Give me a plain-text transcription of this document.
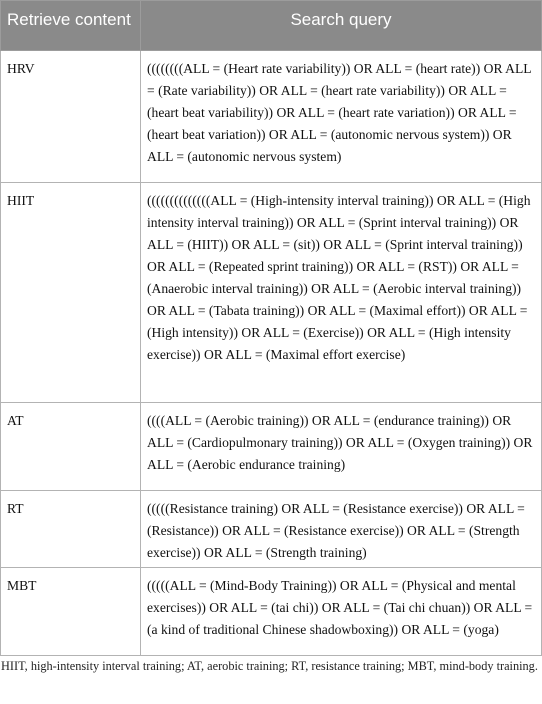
Retrieve content	Search query
HRV	((((((((ALL = (Heart rate variability)) OR ALL = (heart rate)) OR ALL = (Rate variability)) OR ALL = (heart rate variability)) OR ALL = (heart beat variability)) OR ALL = (heart rate variation)) OR ALL = (heart beat variation)) OR ALL = (autonomic nervous system)) OR ALL = (autonomic nervous system)
HIIT	((((((((((((((ALL = (High-intensity interval training)) OR ALL = (High intensity interval training)) OR ALL = (Sprint interval training)) OR ALL = (HIIT)) OR ALL = (sit)) OR ALL = (Sprint interval training)) OR ALL = (Repeated sprint training)) OR ALL = (RST)) OR ALL = (Anaerobic interval training)) OR ALL = (Aerobic interval training)) OR ALL = (Tabata training)) OR ALL = (Maximal effort)) OR ALL = (High intensity)) OR ALL = (Exercise)) OR ALL = (High intensity exercise)) OR ALL = (Maximal effort exercise)
AT	((((ALL = (Aerobic training)) OR ALL = (endurance training)) OR ALL = (Cardiopulmonary training)) OR ALL = (Oxygen training)) OR ALL = (Aerobic endurance training)
RT	(((((Resistance training) OR ALL = (Resistance exercise)) OR ALL = (Resistance)) OR ALL = (Resistance exercise)) OR ALL = (Strength exercise)) OR ALL = (Strength training)
MBT	(((((ALL = (Mind-Body Training)) OR ALL = (Physical and mental exercises)) OR ALL = (tai chi)) OR ALL = (Tai chi chuan)) OR ALL = (a kind of traditional Chinese shadowboxing)) OR ALL = (yoga)
HIIT, high-intensity interval training; AT, aerobic training; RT, resistance training; MBT, mind-body training.
